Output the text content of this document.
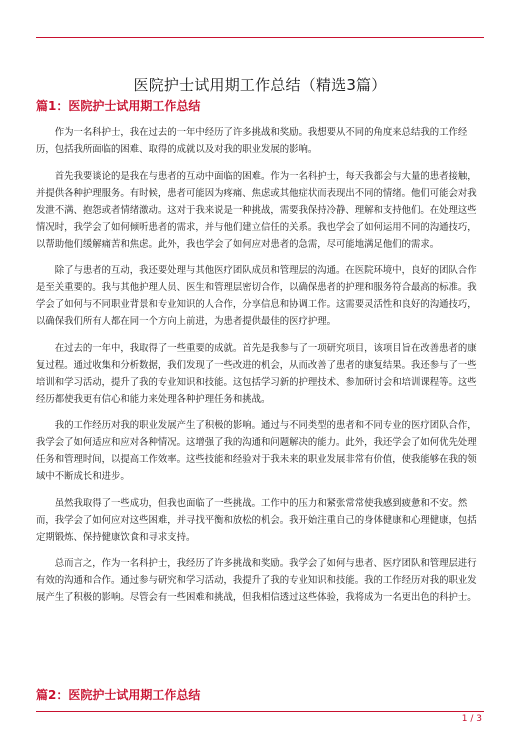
医院护士试用期工作总结（精选3篇）
篇1：医院护士试用期工作总结

作为一名科护士，我在过去的一年中经历了许多挑战和奖励。我想要从不同的角度来总结我的工作经历，包括我所面临的困难、取得的成就以及对我的职业发展的影响。

首先我要谈论的是我在与患者的互动中面临的困难。作为一名科护士，每天我都会与大量的患者接触，并提供各种护理服务。有时候，患者可能因为疼痛、焦虑或其他症状而表现出不同的情绪。他们可能会对我发泄不满、抱怨或者情绪激动。这对于我来说是一种挑战，需要我保持冷静、理解和支持他们。在处理这些情况时，我学会了如何倾听患者的需求，并与他们建立信任的关系。我也学会了如何运用不同的沟通技巧，以帮助他们缓解痛苦和焦虑。此外，我也学会了如何应对患者的急需，尽可能地满足他们的需求。

除了与患者的互动，我还要处理与其他医疗团队成员和管理层的沟通。在医院环境中，良好的团队合作是至关重要的。我与其他护理人员、医生和管理层密切合作，以确保患者的护理和服务符合最高的标准。我学会了如何与不同职业背景和专业知识的人合作，分享信息和协调工作。这需要灵活性和良好的沟通技巧，以确保我们所有人都在同一个方向上前进，为患者提供最佳的医疗护理。

在过去的一年中，我取得了一些重要的成就。首先是我参与了一项研究项目，该项目旨在改善患者的康复过程。通过收集和分析数据，我们发现了一些改进的机会，从而改善了患者的康复结果。我还参与了一些培训和学习活动，提升了我的专业知识和技能。这包括学习新的护理技术、参加研讨会和培训课程等。这些经历都使我更有信心和能力来处理各种护理任务和挑战。

我的工作经历对我的职业发展产生了积极的影响。通过与不同类型的患者和不同专业的医疗团队合作，我学会了如何适应和应对各种情况。这增强了我的沟通和问题解决的能力。此外，我还学会了如何优先处理任务和管理时间，以提高工作效率。这些技能和经验对于我未来的职业发展非常有价值，使我能够在我的领域中不断成长和进步。

虽然我取得了一些成功，但我也面临了一些挑战。工作中的压力和紧张常常使我感到疲惫和不安。然而，我学会了如何应对这些困难，并寻找平衡和放松的机会。我开始注重自己的身体健康和心理健康，包括定期锻炼、保持健康饮食和寻求支持。

总而言之，作为一名科护士，我经历了许多挑战和奖励。我学会了如何与患者、医疗团队和管理层进行有效的沟通和合作。通过参与研究和学习活动，我提升了我的专业知识和技能。我的工作经历对我的职业发展产生了积极的影响。尽管会有一些困难和挑战，但我相信透过这些体验，我将成为一名更出色的科护士。

篇2：医院护士试用期工作总结
1 / 3
